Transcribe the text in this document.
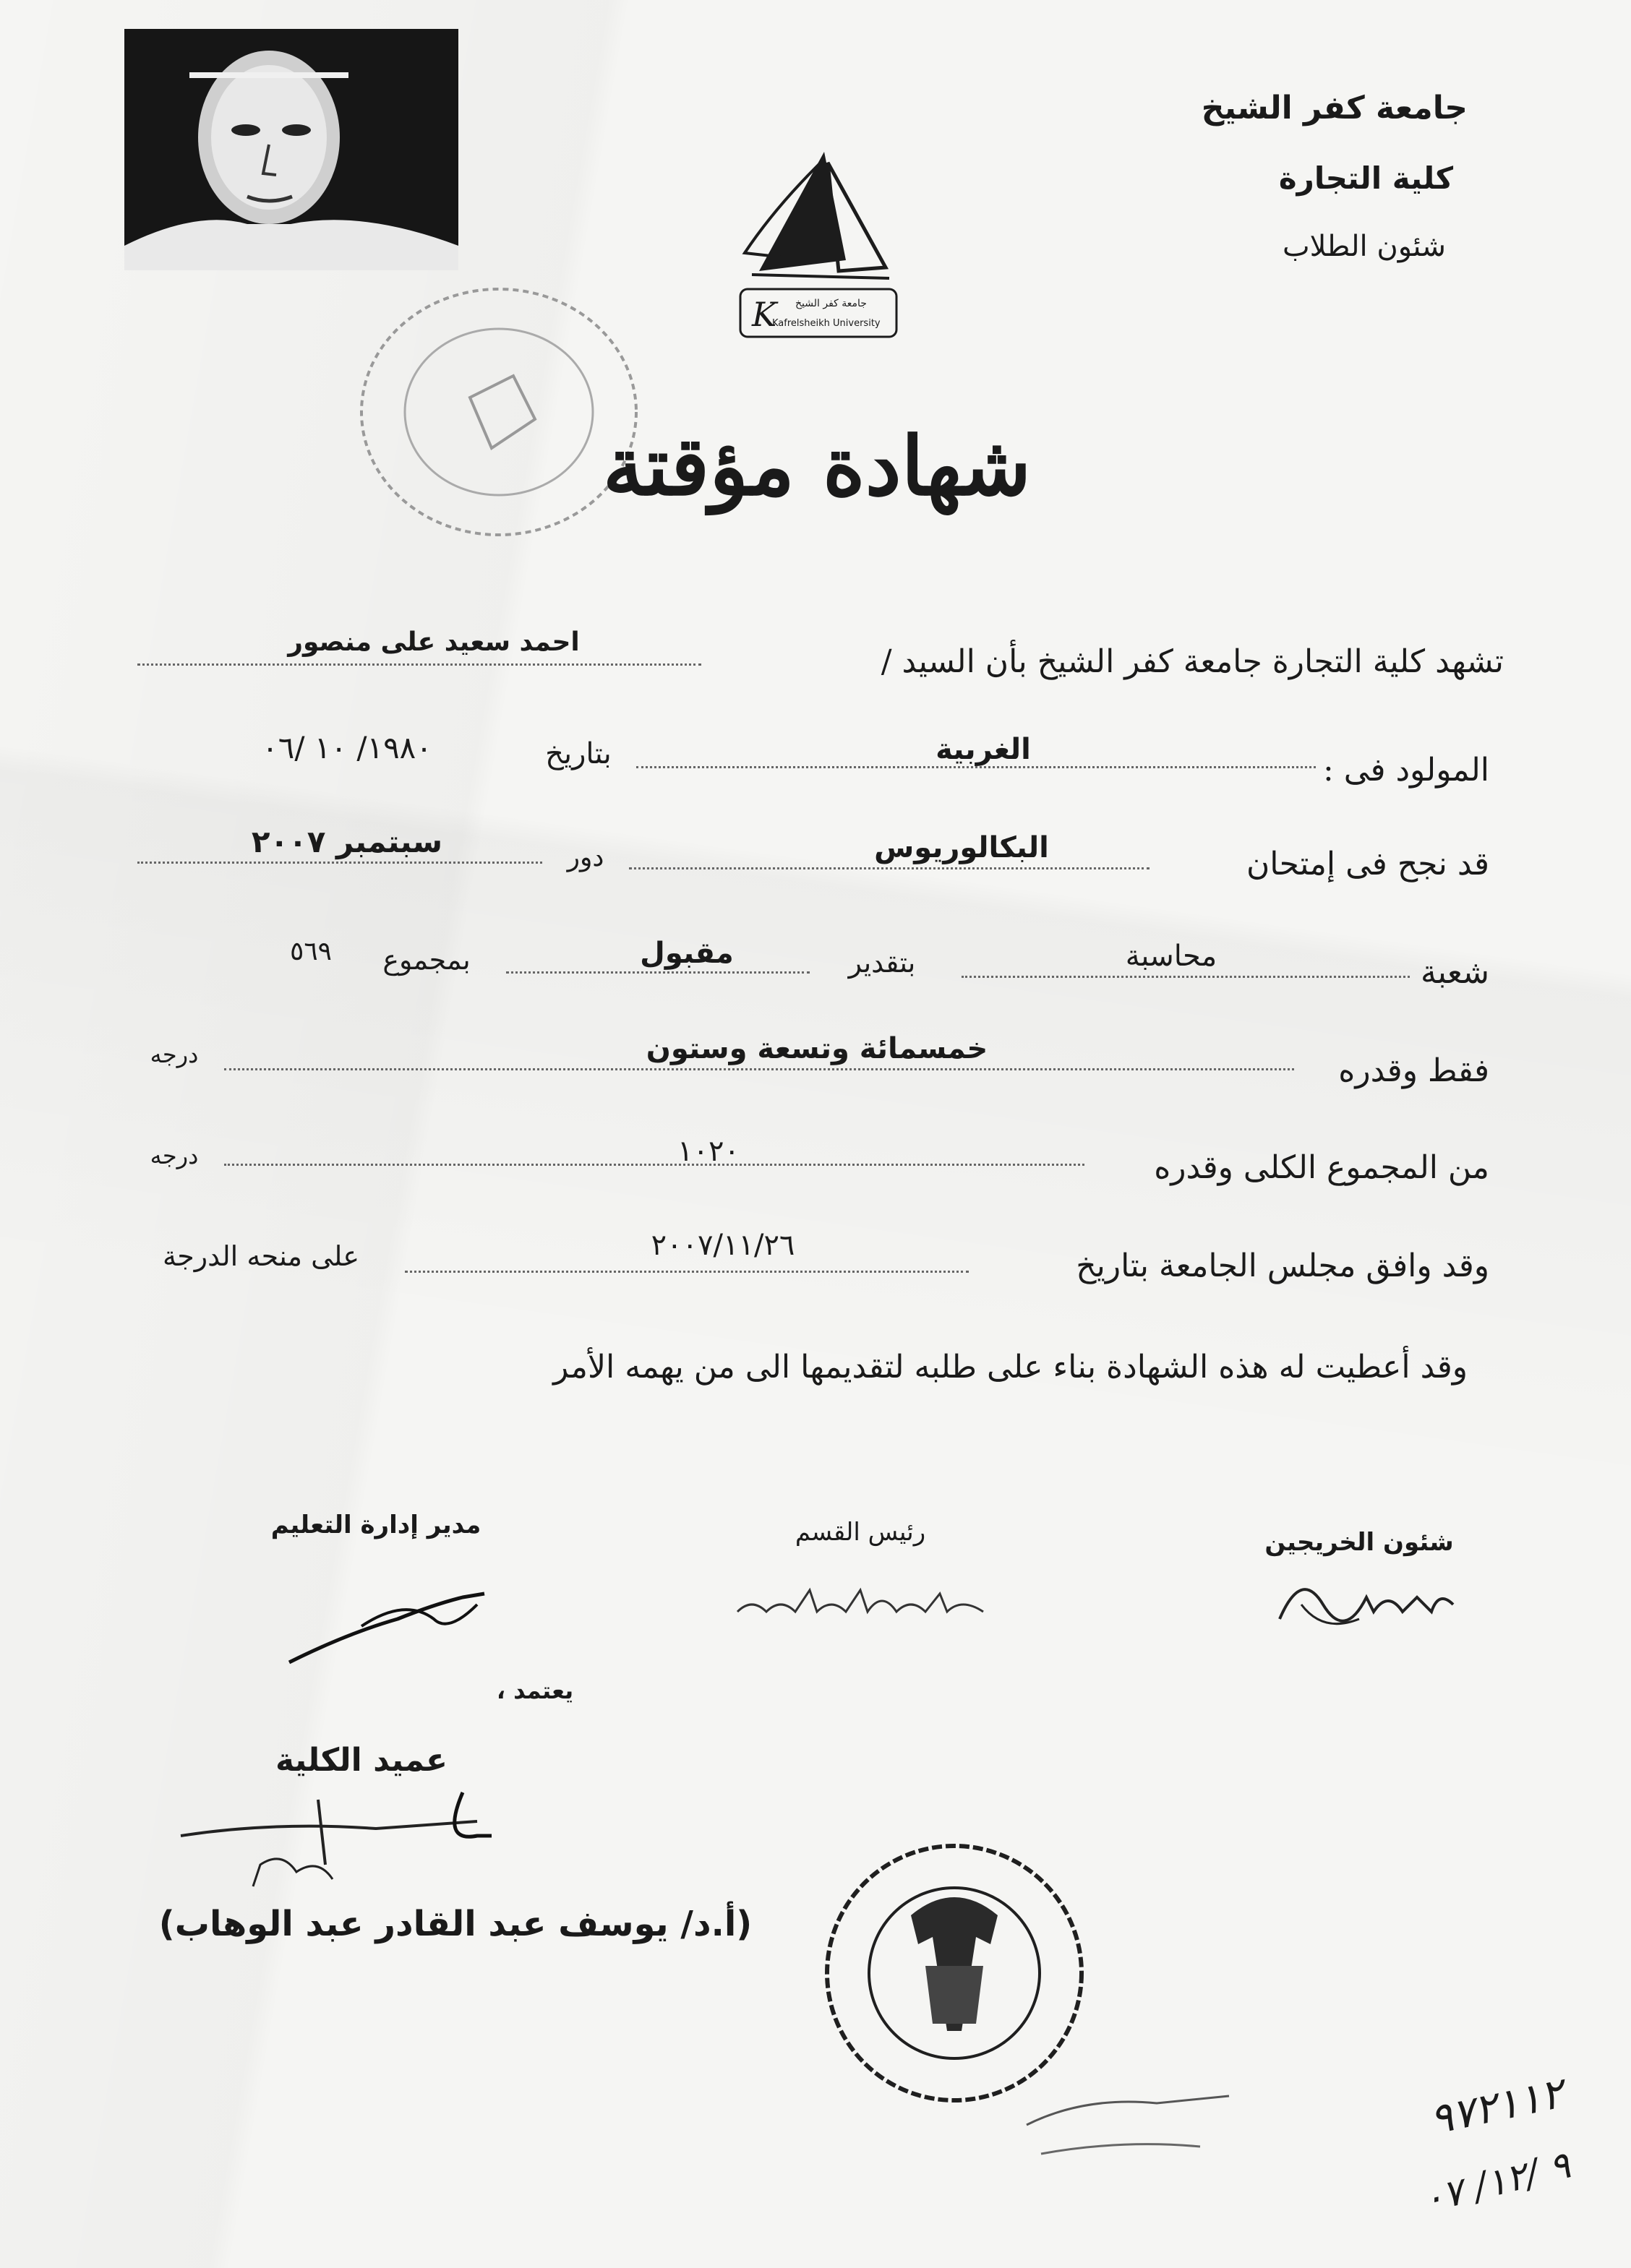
K جامعة كفر الشيخ
Kafrelsheikh University
جامعة كفر الشيخ
كلية التجارة
شئون الطلاب
شهادة مؤقتة
تشهد كلية التجارة جامعة كفر الشيخ بأن السيد /
احمد سعيد على منصور
المولود فى :
الغربية
بتاريخ
١٩٨٠/ ١٠ /٠٦
قد نجح فى إمتحان
البكالوريوس
دور
سبتمبر ٢٠٠٧
شعبة
محاسبة
بتقدير
مقبول
بمجموع
٥٦٩
فقط وقدره
خمسمائة وتسعة وستون
درجه
من المجموع الكلى وقدره
١٠٢٠
درجه
وقد وافق مجلس الجامعة بتاريخ
٢٠٠٧/١١/٢٦
على منحه الدرجة
وقد أعطيت له هذه الشهادة بناء على طلبه لتقديمها الى من يهمه الأمر
شئون الخريجين
رئيس القسم
مدير إدارة التعليم
يعتمد ،
عميد الكلية
(أ.د/ يوسف عبد القادر عبد الوهاب)
٩٧٢١١٢
٩ /١٢/ ٠٧
